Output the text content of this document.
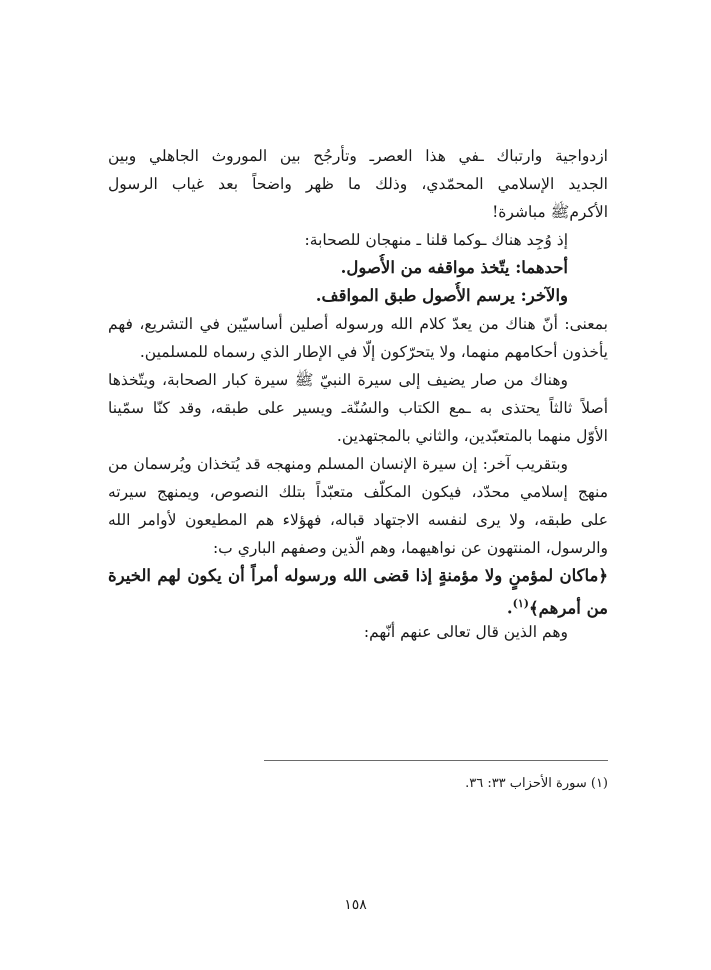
ازدواجية وارتباك ـفي هذا العصرـ وتأرجُح بين الموروث الجاهلي وبين
الجديد الإسلامي المحمّدي، وذلك ما ظهر واضحاً بعد غياب الرسول
الأكرمﷺ مباشرة!
إذ وُجِد هناك ـوكما قلنا ـ منهجان للصحابة:
أحدهما: يتّخذ مواقفه من الأُصول.
والآخر: يرسم الأُصول طبق المواقف.
بمعنى: أنّ هناك من يعدّ كلام الله ورسوله أصلين أساسيّين في التشريع، فهم
يأخذون أحكامهم منهما، ولا يتحرّكون إلّا في الإطار الذي رسماه للمسلمين.
وهناك من صار يضيف إلى سيرة النبيّ ﷺ سيرة كبار الصحابة، ويتّخذها
أصلاً ثالثاً يحتذى به ـمع الكتاب والسُنّةـ ويسير على طبقه، وقد كنّا سمّينا
الأوّل منهما بالمتعبّدين، والثاني بالمجتهدين.
وبتقريب آخر: إن سيرة الإنسان المسلم ومنهجه قد يُتخذان ويُرسمان من
منهج إسلامي محدّد، فيكون المكلّف متعبّداً بتلك النصوص، ويمنهج سيرته
على طبقه، ولا يرى لنفسه الاجتهاد قباله، فهؤلاء هم المطيعون لأوامر الله
والرسول، المنتهون عن نواهيهما، وهم الّذين وصفهم الباري ب:
﴿ماكان لمؤمنٍ ولا مؤمنةٍ إذا قضى الله ورسوله أمراً أن يكون لهم الخيرة
من أمرهم﴾$^{(١)}$.
وهم الذين قال تعالى عنهم أنّهم:
(١) سورة الأحزاب ٣٣: ٣٦.
١٥٨
